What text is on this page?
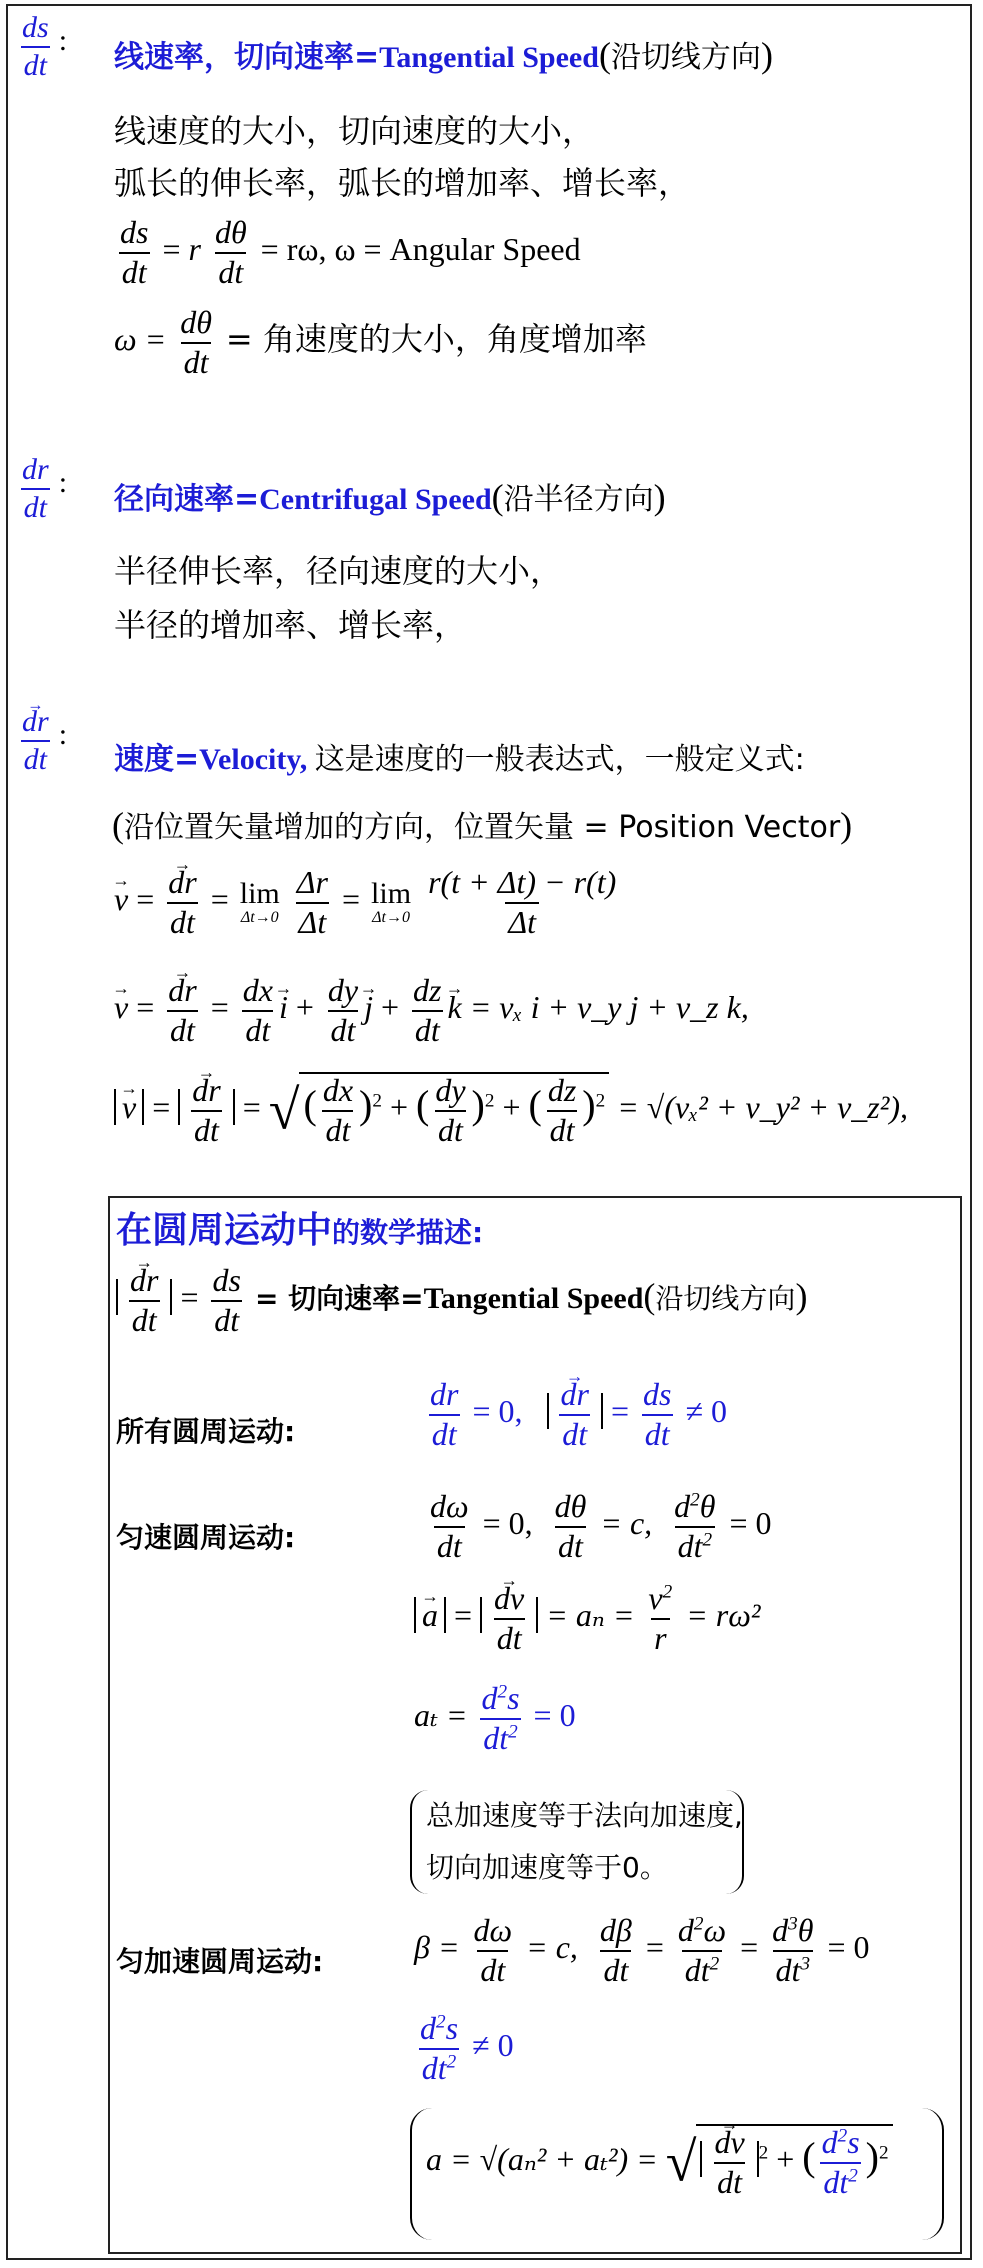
$\frac{ds}{dt}$ : 线速率，切向速率=Tangential Speed(沿切线方向)
线速度的大小，切向速度的大小，
弧长的伸长率，弧长的增加率、增长率，
$\frac{ds}{dt} = r \frac{d\theta}{dt} = r\omega$, ω = Angular Speed
$\omega = \frac{d\theta}{dt}$ = 角速度的大小，角度增加率
$\frac{dr}{dt}$ : 径向速率=Centrifugal Speed(沿半径方向)
半径伸长率，径向速度的大小，
半径的增加率、增长率，
→ $\frac{dr}{dt}$ :
速度=Velocity, 这是速度的一般表达式，一般定义式:
(沿位置矢量增加的方向，位置矢量 = Position Vector)
→ v =
→ $\frac{dr}{dt} = \lim$
Δt→0
$\frac{\Delta r}{\Delta t} = \lim$
Δt→0
$\frac{r(t + \Delta t) - r(t)}{\Delta t}$
→ v =
→ $\frac{dr}{dt} = \frac{dx}{dt}$
→ $i + \frac{dy}{dt}$
→ $j + \frac{dz}{dt}$
→ k = vₓ i + v_y j + v_z k,
→ v =
→ $\frac{dr}{dt}$ = √ ( $\frac{dx}{dt} )^2$ + ( $\frac{dy}{dt} )^2$ + ( $\frac{dz}{dt} )^2 = √(v_x^2$ + v_y² + v_z²),
在圆周运动中的数学描述:
→ $\frac{dr}{dt} = \frac{ds}{dt}$ = 切向速率=Tangential Speed(沿切线方向)
所有圆周运动:	$\frac{dr}{dt} = 0$,
→ $\frac{dr}{dt} = \frac{ds}{dt} \ne 0$
匀速圆周运动:	$\frac{d\omega}{dt} = 0$, $\frac{d\theta}{dt} = c$, $\frac{d^2\theta}{dt^2} = 0$
→ a =
→ $\frac{dv}{dt} = a_n = \frac{v^2}{r} = r\omega^2$
$a_t = \frac{d^2s}{dt^2} = 0$
总加速度等于法向加速度,
切向加速度等于0。
匀加速圆周运动:	$\beta = \frac{d\omega}{dt} = c$, $\frac{d\beta}{dt} = \frac{d^2\omega}{dt^2} = \frac{d^3\theta}{dt^3} = 0$
$\frac{d^2s}{dt^2} \ne 0$
a = √(aₙ² + aₜ²) = √
→ $\frac{dv}{dt} ^2$ + ( $\frac{d^2s}{dt^2} )^2$
